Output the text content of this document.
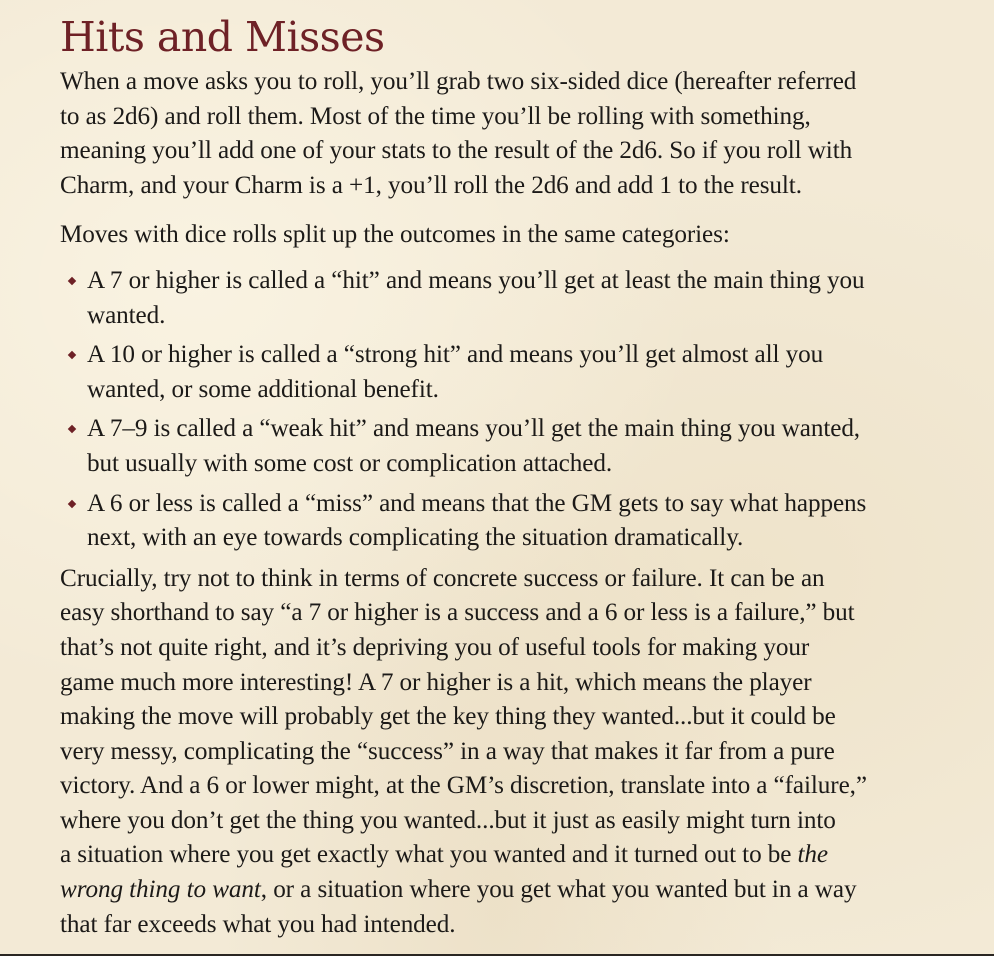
Hits and Misses

When a move asks you to roll, you’ll grab two six-sided dice (hereafter referred
to as 2d6) and roll them. Most of the time you’ll be rolling with something,
meaning you’ll add one of your stats to the result of the 2d6. So if you roll with
Charm, and your Charm is a +1, you’ll roll the 2d6 and add 1 to the result.

Moves with dice rolls split up the outcomes in the same categories:

A 7 or higher is called a “hit” and means you’ll get at least the main thing you
wanted.

A 10 or higher is called a “strong hit” and means you’ll get almost all you
wanted, or some additional benefit.

A 7–9 is called a “weak hit” and means you’ll get the main thing you wanted,
but usually with some cost or complication attached.

A 6 or less is called a “miss” and means that the GM gets to say what happens
next, with an eye towards complicating the situation dramatically.

Crucially, try not to think in terms of concrete success or failure. It can be an
easy shorthand to say “a 7 or higher is a success and a 6 or less is a failure,” but
that’s not quite right, and it’s depriving you of useful tools for making your
game much more interesting! A 7 or higher is a hit, which means the player
making the move will probably get the key thing they wanted...but it could be
very messy, complicating the “success” in a way that makes it far from a pure
victory. And a 6 or lower might, at the GM’s discretion, translate into a “failure,”
where you don’t get the thing you wanted...but it just as easily might turn into
a situation where you get exactly what you wanted and it turned out to be the
wrong thing to want, or a situation where you get what you wanted but in a way
that far exceeds what you had intended.
